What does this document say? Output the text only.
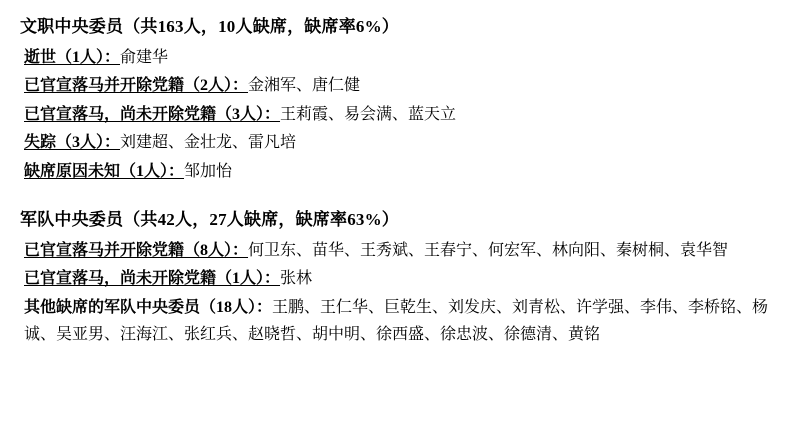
文职中央委员（共163人，10人缺席，缺席率6%）
逝世（1人）：俞建华
已官宣落马并开除党籍（2人）：金湘军、唐仁健
已官宣落马，尚未开除党籍（3人）：王莉霞、易会满、蓝天立
失踪（3人）：刘建超、金壮龙、雷凡培
缺席原因未知（1人）：邹加怡
军队中央委员（共42人，27人缺席，缺席率63%）
已官宣落马并开除党籍（8人）：何卫东、苗华、王秀斌、王春宁、何宏军、林向阳、秦树桐、袁华智
已官宣落马，尚未开除党籍（1人）：张林
其他缺席的军队中央委员（18人）：王鹏、王仁华、巨乾生、刘发庆、刘青松、许学强、李伟、李桥铭、杨诚、吴亚男、汪海江、张红兵、赵晓哲、胡中明、徐西盛、徐忠波、徐德清、黄铭
